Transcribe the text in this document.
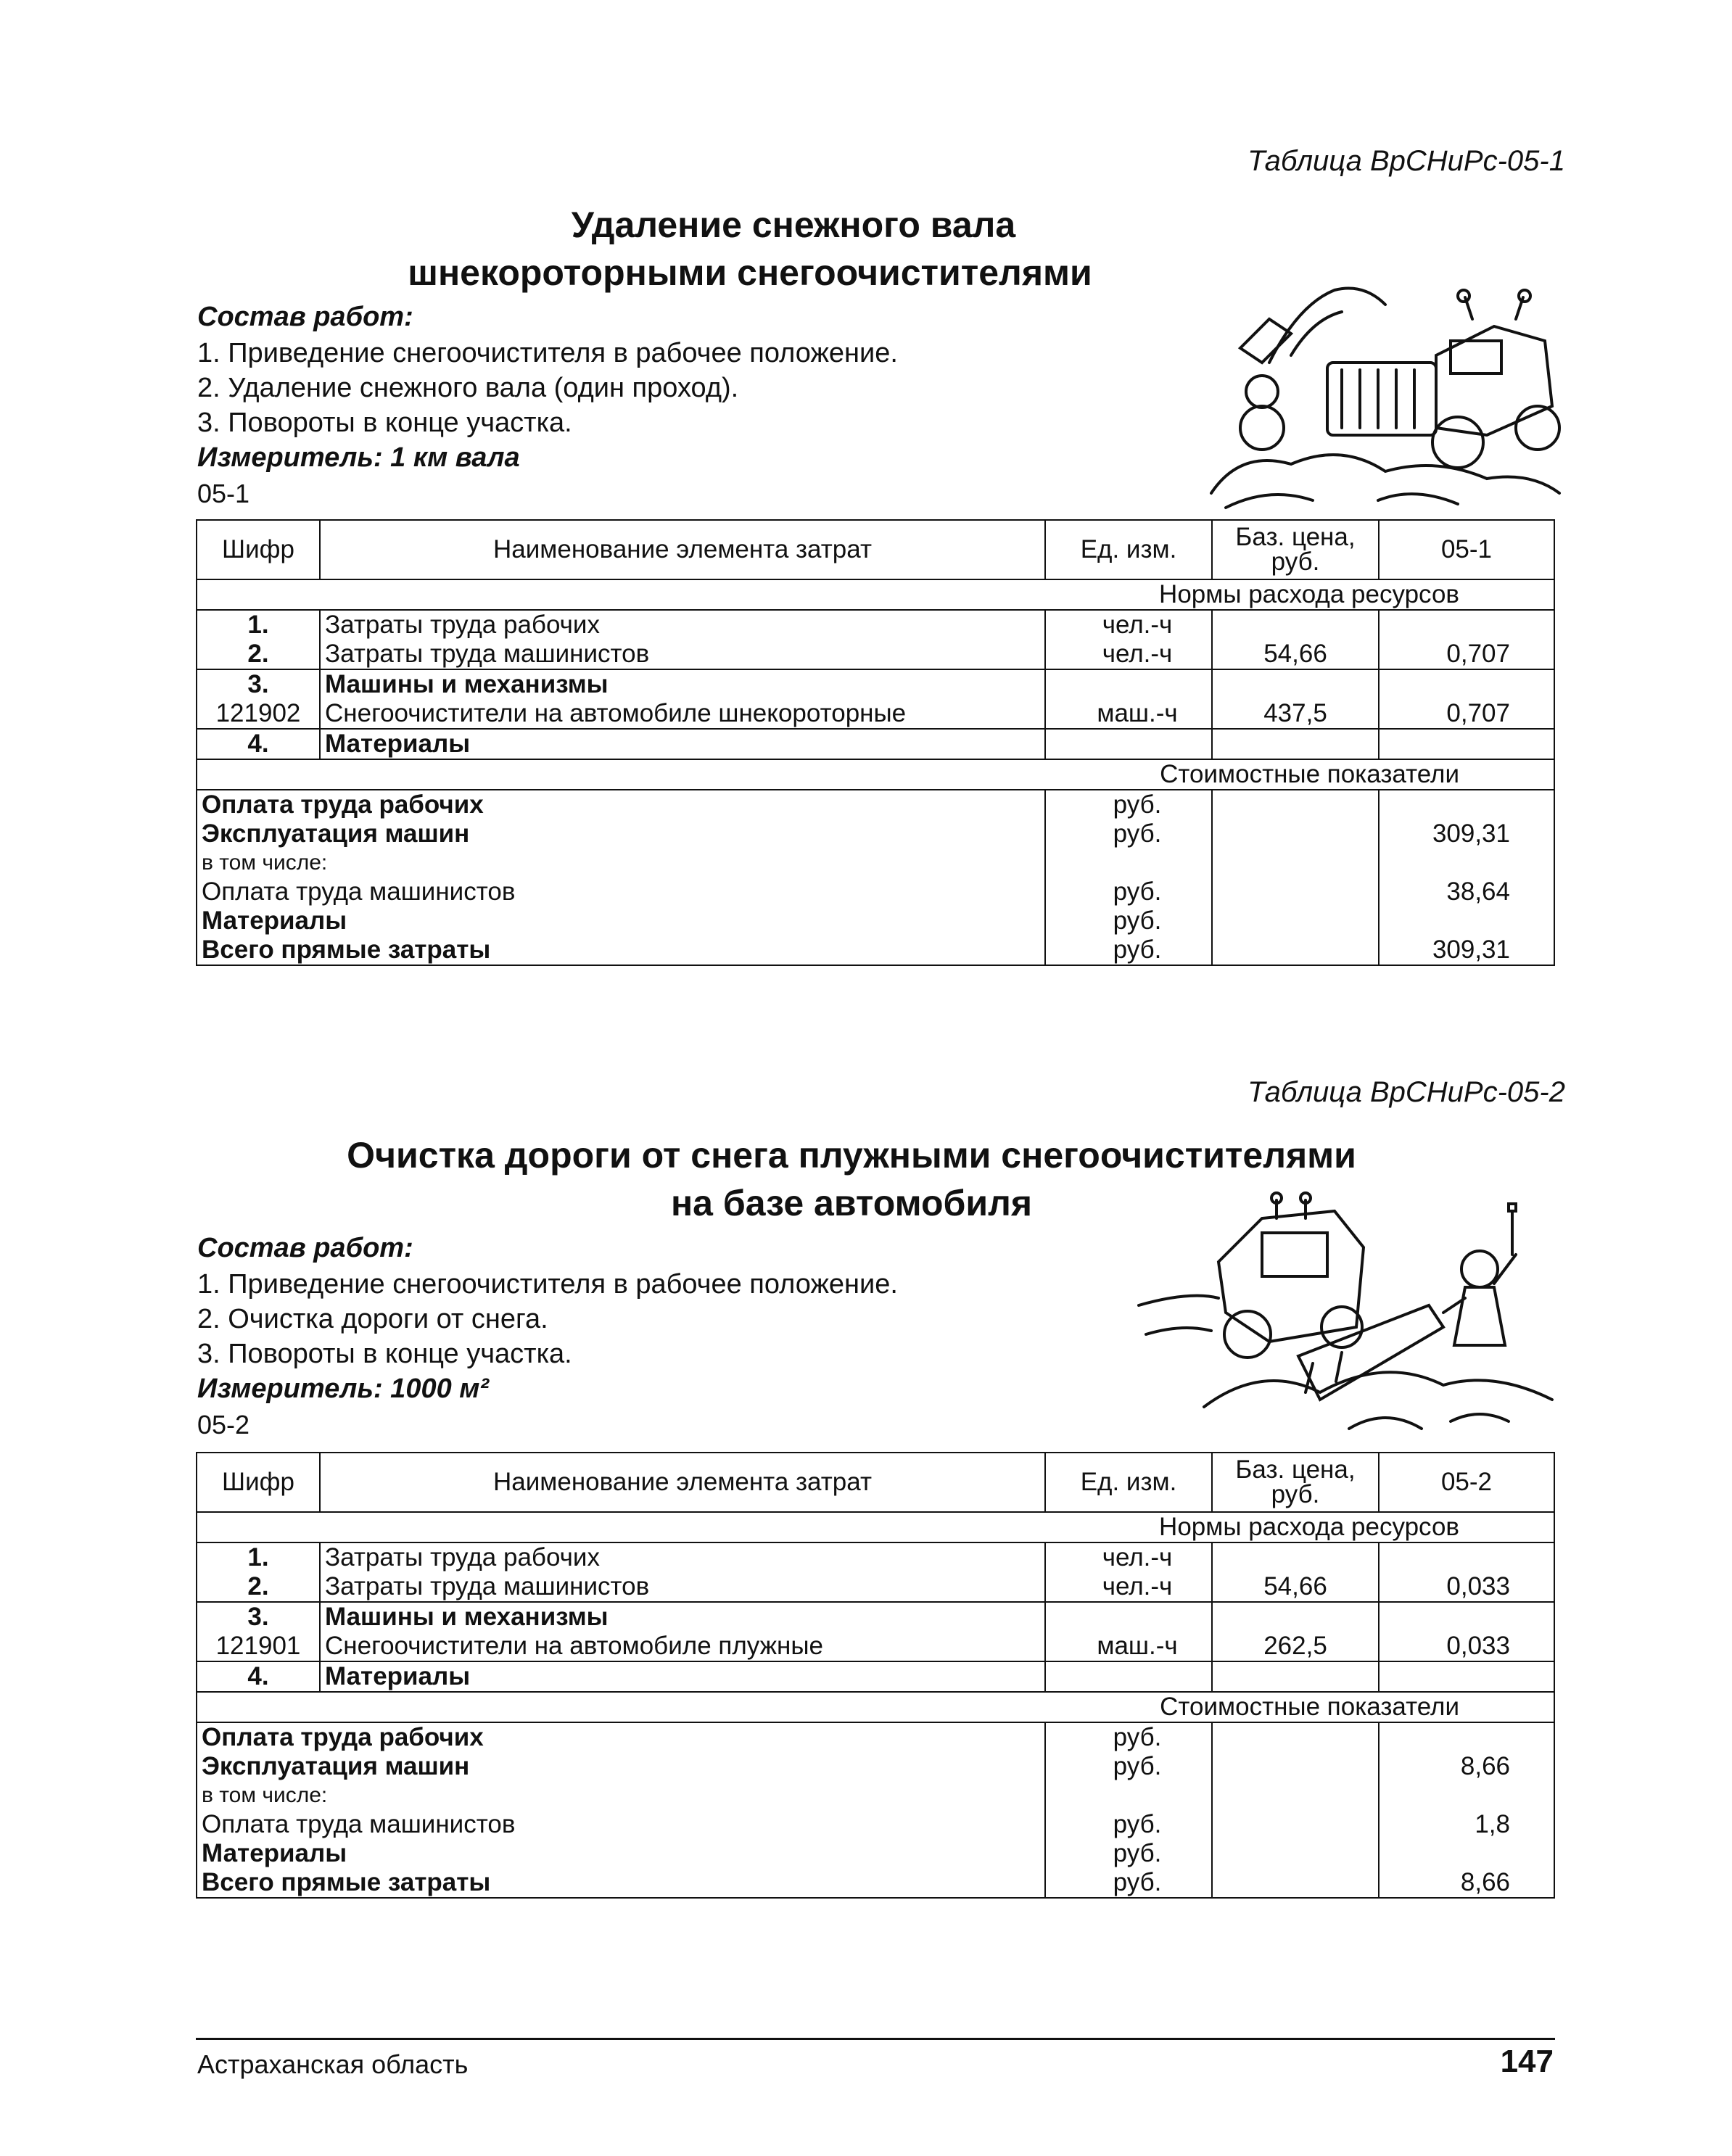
Таблица ВрСНиРс-05-1
Удаление снежного вала
шнекороторными снегоочистителями
Состав работ:
1. Приведение снегоочистителя в рабочее положение.
2. Удаление снежного вала (один проход).
3. Повороты в конце участка.
Измеритель: 1 км вала
05-1
Шифр	Наименование элемента затрат	Ед. изм.	Баз. цена, руб.	05-1
Нормы расхода ресурсов				
1.	Затраты труда рабочих	чел.-ч		
2.	Затраты труда машинистов	чел.-ч	54,66	0,707
3.	Машины и механизмы			
121902	Снегоочистители на автомобиле шнекороторные	маш.-ч	437,5	0,707
4.	Материалы			
Стоимостные показатели				
Оплата труда рабочих		руб.		
Эксплуатация машин		руб.		309,31
в том числе:				
Оплата труда машинистов		руб.		38,64
Материалы		руб.		
Всего прямые затраты		руб.		309,31
Таблица ВрСНиРс-05-2
Очистка дороги от снега плужными снегоочистителями
на базе автомобиля
Состав работ:
1. Приведение снегоочистителя в рабочее положение.
2. Очистка дороги от снега.
3. Повороты в конце участка.
Измеритель: 1000 м²
05-2
Шифр	Наименование элемента затрат	Ед. изм.	Баз. цена, руб.	05-2
Нормы расхода ресурсов				
1.	Затраты труда рабочих	чел.-ч		
2.	Затраты труда машинистов	чел.-ч	54,66	0,033
3.	Машины и механизмы			
121901	Снегоочистители на автомобиле плужные	маш.-ч	262,5	0,033
4.	Материалы			
Стоимостные показатели				
Оплата труда рабочих		руб.		
Эксплуатация машин		руб.		8,66
в том числе:				
Оплата труда машинистов		руб.		1,8
Материалы		руб.		
Всего прямые затраты		руб.		8,66
Астраханская область	147
